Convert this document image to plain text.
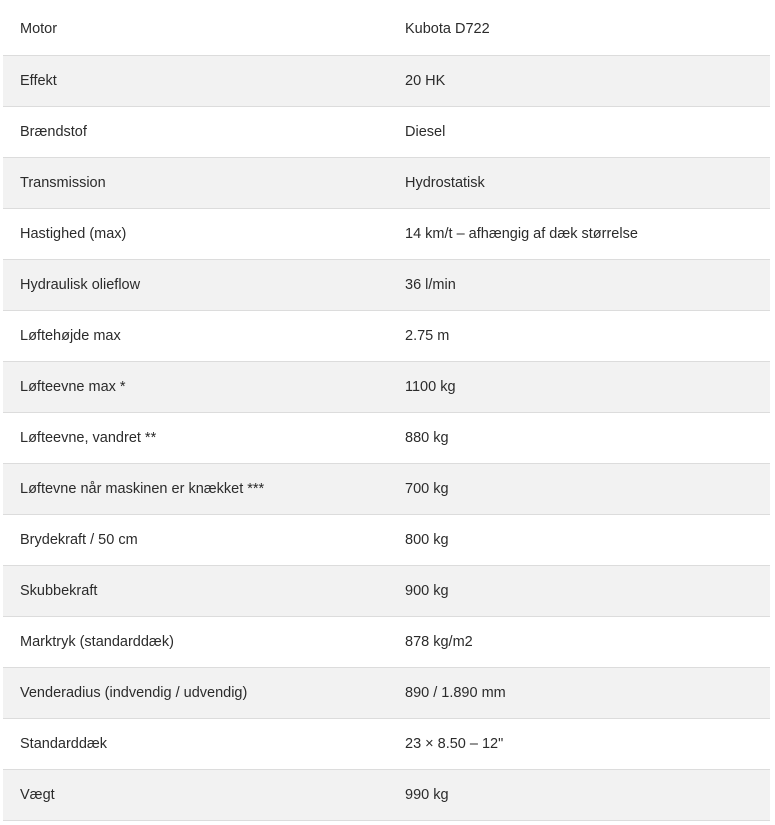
Motor	Kubota D722
Effekt	20 HK
Brændstof	Diesel
Transmission	Hydrostatisk
Hastighed (max)	14 km/t – afhængig af dæk størrelse
Hydraulisk olieflow	36 l/min
Løftehøjde max	2.75 m
Løfteevne max *	1100 kg
Løfteevne, vandret **	880 kg
Løftevne når maskinen er knækket ***	700 kg
Brydekraft / 50 cm	800 kg
Skubbekraft	900 kg
Marktryk (standarddæk)	878 kg/m2
Venderadius (indvendig / udvendig)	890 / 1.890 mm
Standarddæk	23 × 8.50 – 12"
Vægt	990 kg
